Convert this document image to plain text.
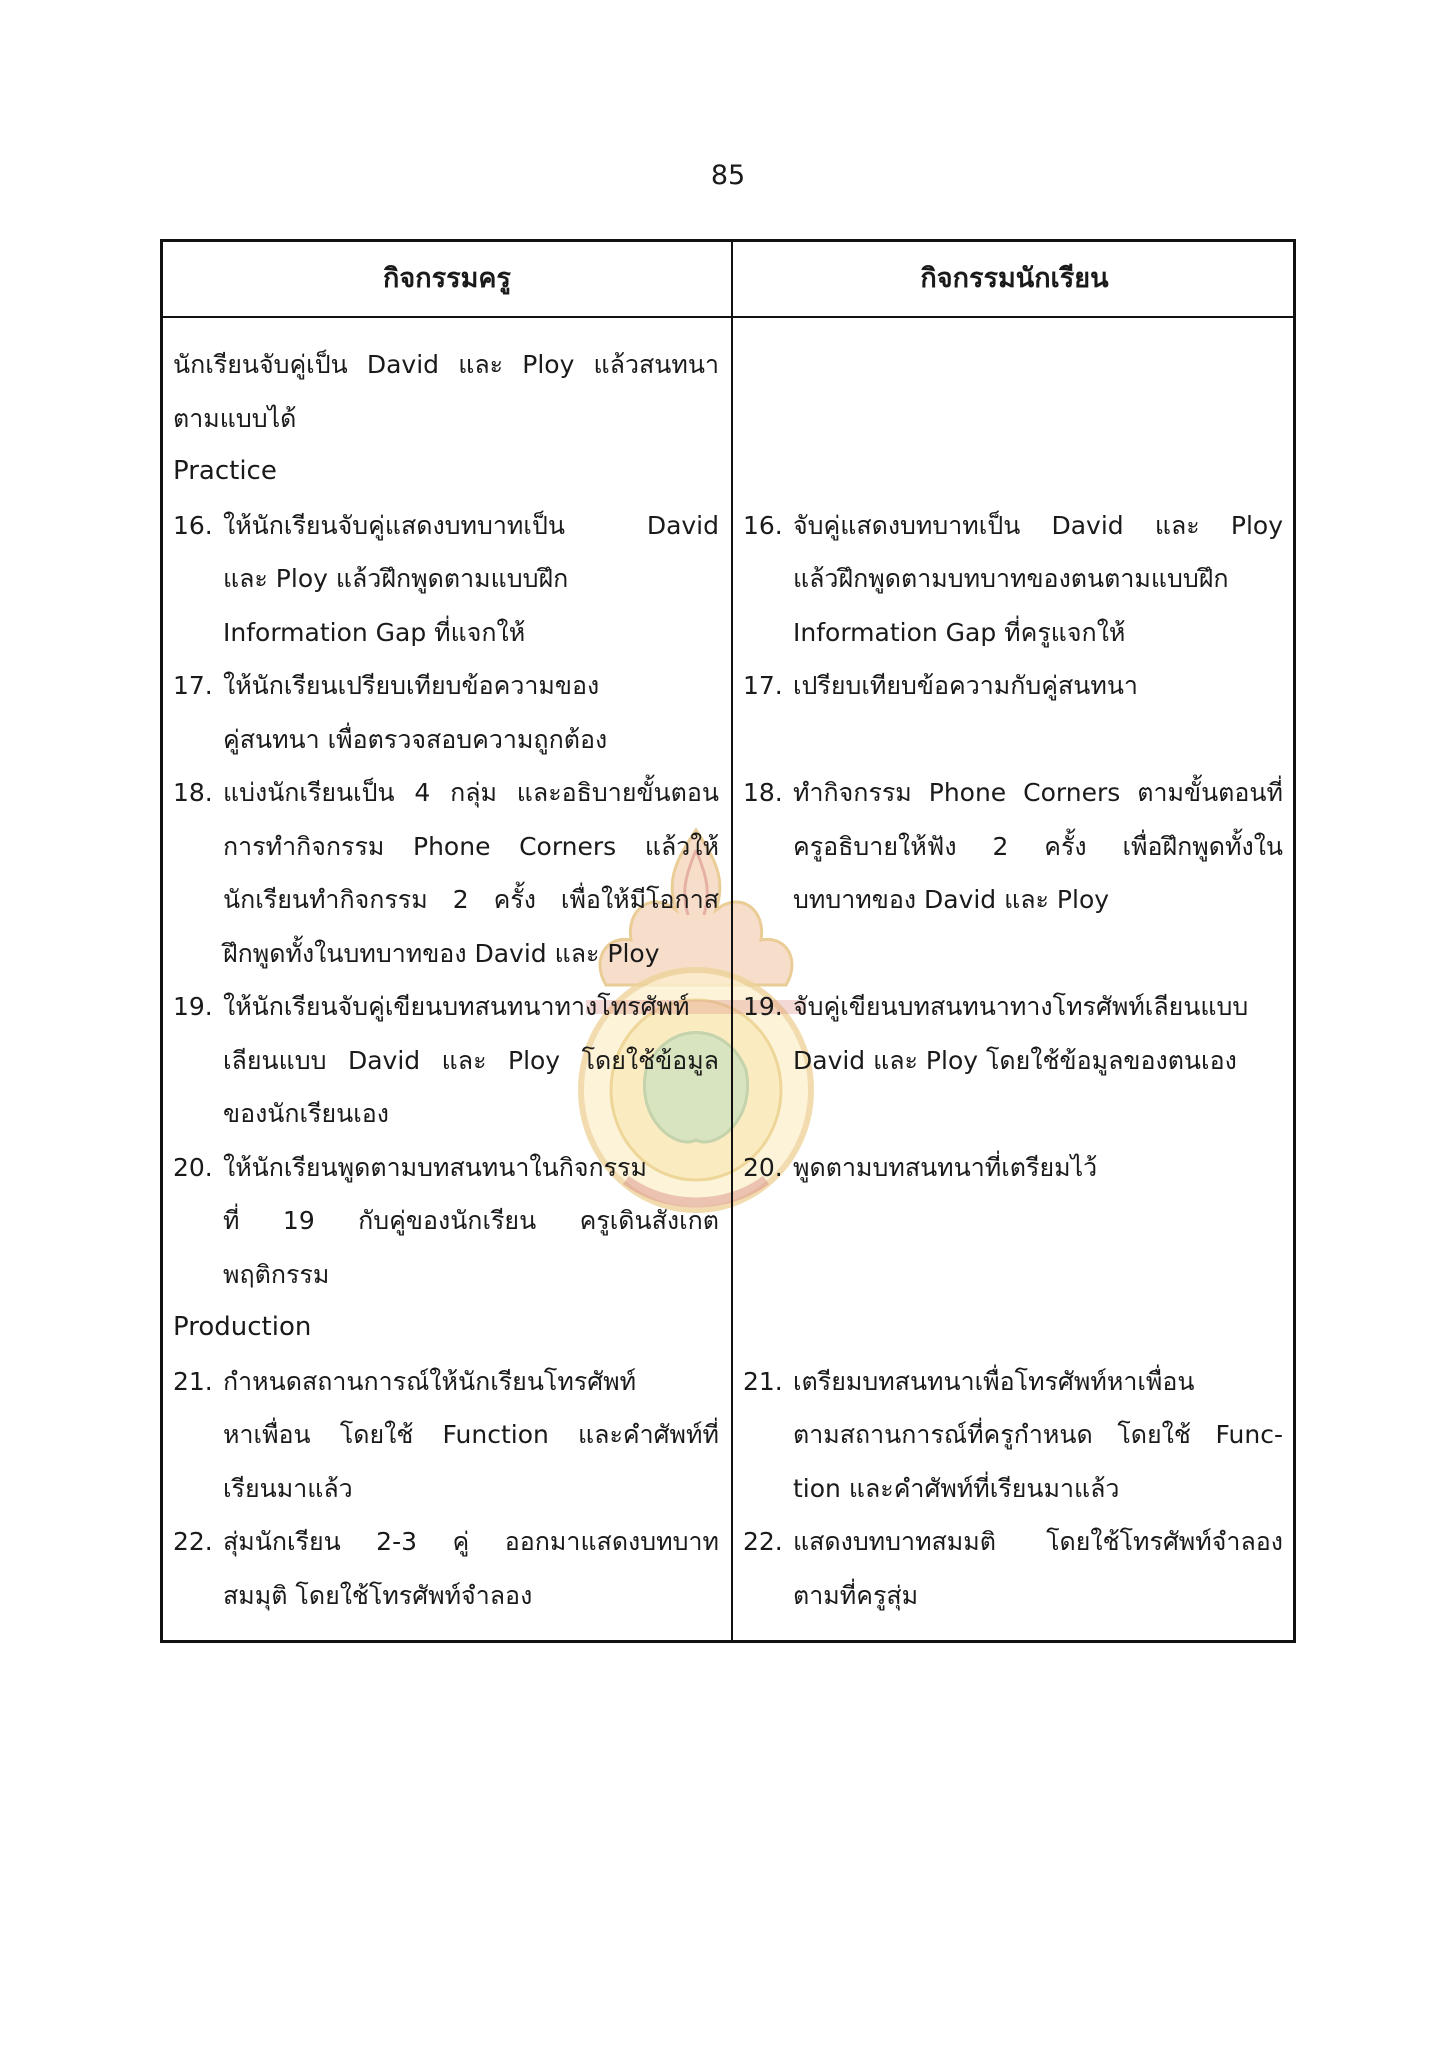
85
กิจกรรมครู	กิจกรรมนักเรียน
นักเรียนจับคู่เป็น David และ Ploy แล้วสนทนา
ตามแบบได้
Practice
16. ให้นักเรียนจับคู่แสดงบทบาทเป็น David
และ Ploy แล้วฝึกพูดตามแบบฝึก
Information Gap ที่แจกให้
17. ให้นักเรียนเปรียบเทียบข้อความของ
คู่สนทนา เพื่อตรวจสอบความถูกต้อง
18. แบ่งนักเรียนเป็น 4 กลุ่ม และอธิบายขั้นตอน
การทำกิจกรรม Phone Corners แล้วให้
นักเรียนทำกิจกรรม 2 ครั้ง เพื่อให้มีโอกาส
ฝึกพูดทั้งในบทบาทของ David และ Ploy
19. ให้นักเรียนจับคู่เขียนบทสนทนาทางโทรศัพท์
เลียนแบบ David และ Ploy โดยใช้ข้อมูล
ของนักเรียนเอง
20. ให้นักเรียนพูดตามบทสนทนาในกิจกรรม
ที่ 19 กับคู่ของนักเรียน ครูเดินสังเกต
พฤติกรรม
Production
21. กำหนดสถานการณ์ให้นักเรียนโทรศัพท์
หาเพื่อน โดยใช้ Function และคำศัพท์ที่
เรียนมาแล้ว
22. สุ่มนักเรียน 2-3 คู่ ออกมาแสดงบทบาท
สมมุติ โดยใช้โทรศัพท์จำลอง
16. จับคู่แสดงบทบาทเป็น David และ Ploy
แล้วฝึกพูดตามบทบาทของตนตามแบบฝึก
Information Gap ที่ครูแจกให้
17. เปรียบเทียบข้อความกับคู่สนทนา
18. ทำกิจกรรม Phone Corners ตามขั้นตอนที่
ครูอธิบายให้ฟัง 2 ครั้ง เพื่อฝึกพูดทั้งใน
บทบาทของ David และ Ploy
19. จับคู่เขียนบทสนทนาทางโทรศัพท์เลียนแบบ
David และ Ploy โดยใช้ข้อมูลของตนเอง
20. พูดตามบทสนทนาที่เตรียมไว้
21. เตรียมบทสนทนาเพื่อโทรศัพท์หาเพื่อน
ตามสถานการณ์ที่ครูกำหนด โดยใช้ Func-
tion และคำศัพท์ที่เรียนมาแล้ว
22. แสดงบทบาทสมมติ โดยใช้โทรศัพท์จำลอง
ตามที่ครูสุ่ม
